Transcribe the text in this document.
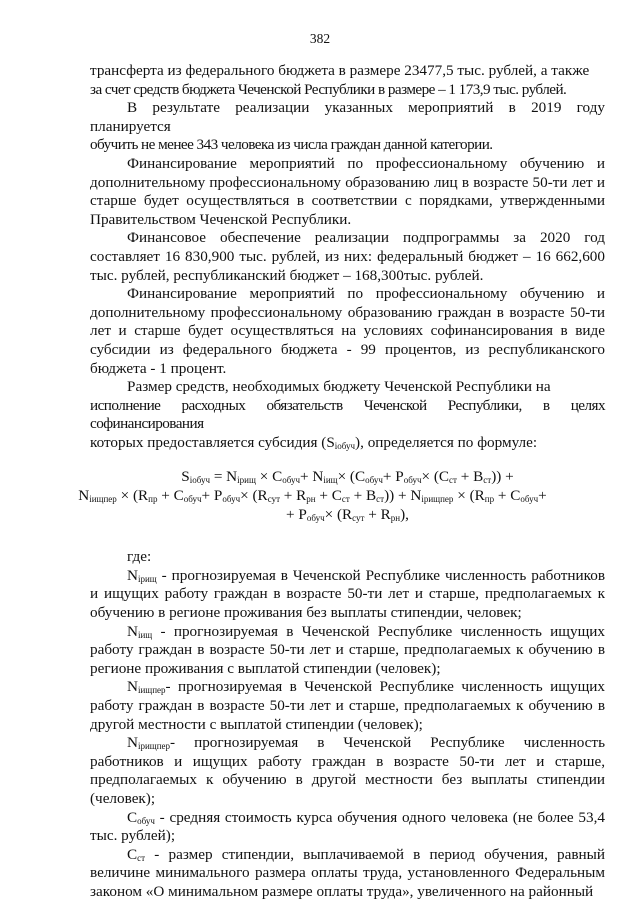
382

трансферта из федерального бюджета в размере 23477,5 тыс. рублей, а также

за счет средств бюджета Чеченской Республики в размере – 1 173,9 тыс. рублей.

В результате реализации указанных мероприятий в 2019 году планируется

обучить не менее 343 человека из числа граждан данной категории.

Финансирование мероприятий по профессиональному обучению и дополнительному профессиональному образованию лиц в возрасте 50-ти лет и старше будет осуществляться в соответствии с порядками, утвержденными Правительством Чеченской Республики.

Финансовое обеспечение реализации подпрограммы за 2020 год составляет 16 830,900 тыс. рублей, из них: федеральный бюджет – 16 662,600 тыс. рублей, республиканский бюджет – 168,300тыс. рублей.

Финансирование мероприятий по профессиональному обучению и дополнительному профессиональному образованию граждан в возрасте 50-ти лет и старше будет осуществляться на условиях софинансирования в виде субсидии из федерального бюджета - 99 процентов, из республиканского бюджета - 1 процент.

Размер средств, необходимых бюджету Чеченской Республики на

исполнение расходных обязательств Чеченской Республики, в целях софинансирования

которых предоставляется субсидия $(S_{iобуч})$, определяется по формуле:

$S_{iобуч} = N_{iрищ} \times C_{обуч}+ N_{iищ}\times (C_{обуч}+ P_{обуч}\times (C_{ст} + B_{ст}))$ +
$N_{iищпер} \times (R_{пр} + C_{обуч}+ P_{обуч}\times (R_{сут} + R_{рн} + C_{ст} + B_{ст})) + N_{iрищпер} \times (R_{пр} + C_{обуч}+$
+ $P_{обуч}\times (R_{сут} + R_{рн})$,

где:

$N_{iрищ}$ - прогнозируемая в Чеченской Республике численность работников и ищущих работу граждан в возрасте 50-ти лет и старше, предполагаемых к обучению в регионе проживания без выплаты стипендии, человек;

$N_{iищ}$ - прогнозируемая в Чеченской Республике численность ищущих работу граждан в возрасте 50-ти лет и старше, предполагаемых к обучению в регионе проживания с выплатой стипендии (человек);

$N_{iищпер}-$ прогнозируемая в Чеченской Республике численность ищущих работу граждан в возрасте 50-ти лет и старше, предполагаемых к обучению в другой местности с выплатой стипендии (человек);

$N_{iрищпер}-$ прогнозируемая в Чеченской Республике численность работников и ищущих работу граждан в возрасте 50-ти лет и старше, предполагаемых к обучению в другой местности без выплаты стипендии (человек);

$C_{обуч}$ - средняя стоимость курса обучения одного человека (не более 53,4 тыс. рублей);

$C_{ст}$ - размер стипендии, выплачиваемой в период обучения, равный величине минимального размера оплаты труда, установленного Федеральным законом «О минимальном размере оплаты труда», увеличенного на районный
